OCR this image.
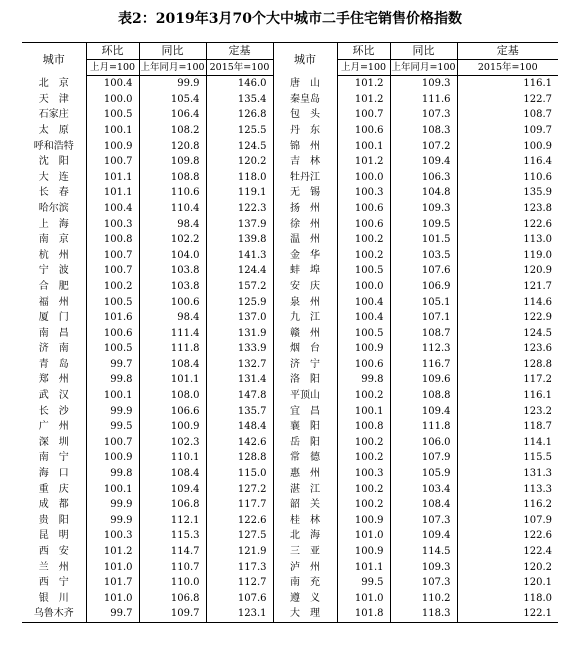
表2：2019年3月70个大中城市二手住宅销售价格指数
城市	环比	同比	定基	城市	环比	同比	定基
	上月=100	上年同月=100	2015年=100		上月=100	上年同月=100	2015年=100
北　京	100.4	99.9	146.0	唐　山	101.2	109.3	116.1
天　津	100.0	105.4	135.4	秦皇岛	101.2	111.6	122.7
石家庄	100.5	106.4	126.8	包　头	100.7	107.3	108.7
太　原	100.1	108.2	125.5	丹　东	100.6	108.3	109.7
呼和浩特	100.9	120.8	124.5	锦　州	100.1	107.2	100.9
沈　阳	100.7	109.8	120.2	吉　林	101.2	109.4	116.4
大　连	101.1	108.8	118.0	牡丹江	100.0	106.3	110.6
长　春	101.1	110.6	119.1	无　锡	100.3	104.8	135.9
哈尔滨	100.4	110.4	122.3	扬　州	100.6	109.3	123.8
上　海	100.3	98.4	137.9	徐　州	100.6	109.5	122.6
南　京	100.8	102.2	139.8	温　州	100.2	101.5	113.0
杭　州	100.7	104.0	141.3	金　华	100.2	103.5	119.0
宁　波	100.7	103.8	124.4	蚌　埠	100.5	107.6	120.9
合　肥	100.2	103.8	157.2	安　庆	100.0	106.9	121.7
福　州	100.5	100.6	125.9	泉　州	100.4	105.1	114.6
厦　门	101.6	98.4	137.0	九　江	100.4	107.1	122.9
南　昌	100.6	111.4	131.9	赣　州	100.5	108.7	124.5
济　南	100.5	111.8	133.9	烟　台	100.9	112.3	123.6
青　岛	99.7	108.4	132.7	济　宁	100.6	116.7	128.8
郑　州	99.8	101.1	131.4	洛　阳	99.8	109.6	117.2
武　汉	100.1	108.0	147.8	平顶山	100.2	108.8	116.1
长　沙	99.9	106.6	135.7	宜　昌	100.1	109.4	123.2
广　州	99.5	100.9	148.4	襄　阳	100.8	111.8	118.7
深　圳	100.7	102.3	142.6	岳　阳	100.2	106.0	114.1
南　宁	100.9	110.1	128.8	常　德	100.2	107.9	115.5
海　口	99.8	108.4	115.0	惠　州	100.3	105.9	131.3
重　庆	100.1	109.4	127.2	湛　江	100.2	103.4	113.3
成　都	99.9	106.8	117.7	韶　关	100.2	108.4	116.2
贵　阳	99.9	112.1	122.6	桂　林	100.9	107.3	107.9
昆　明	100.3	115.3	127.5	北　海	101.0	109.4	122.6
西　安	101.2	114.7	121.9	三　亚	100.9	114.5	122.4
兰　州	101.0	110.7	117.3	泸　州	101.1	109.3	120.2
西　宁	101.7	110.0	112.7	南　充	99.5	107.3	120.1
银　川	101.0	106.8	107.6	遵　义	101.0	110.2	118.0
乌鲁木齐	99.7	109.7	123.1	大　理	101.8	118.3	122.1
